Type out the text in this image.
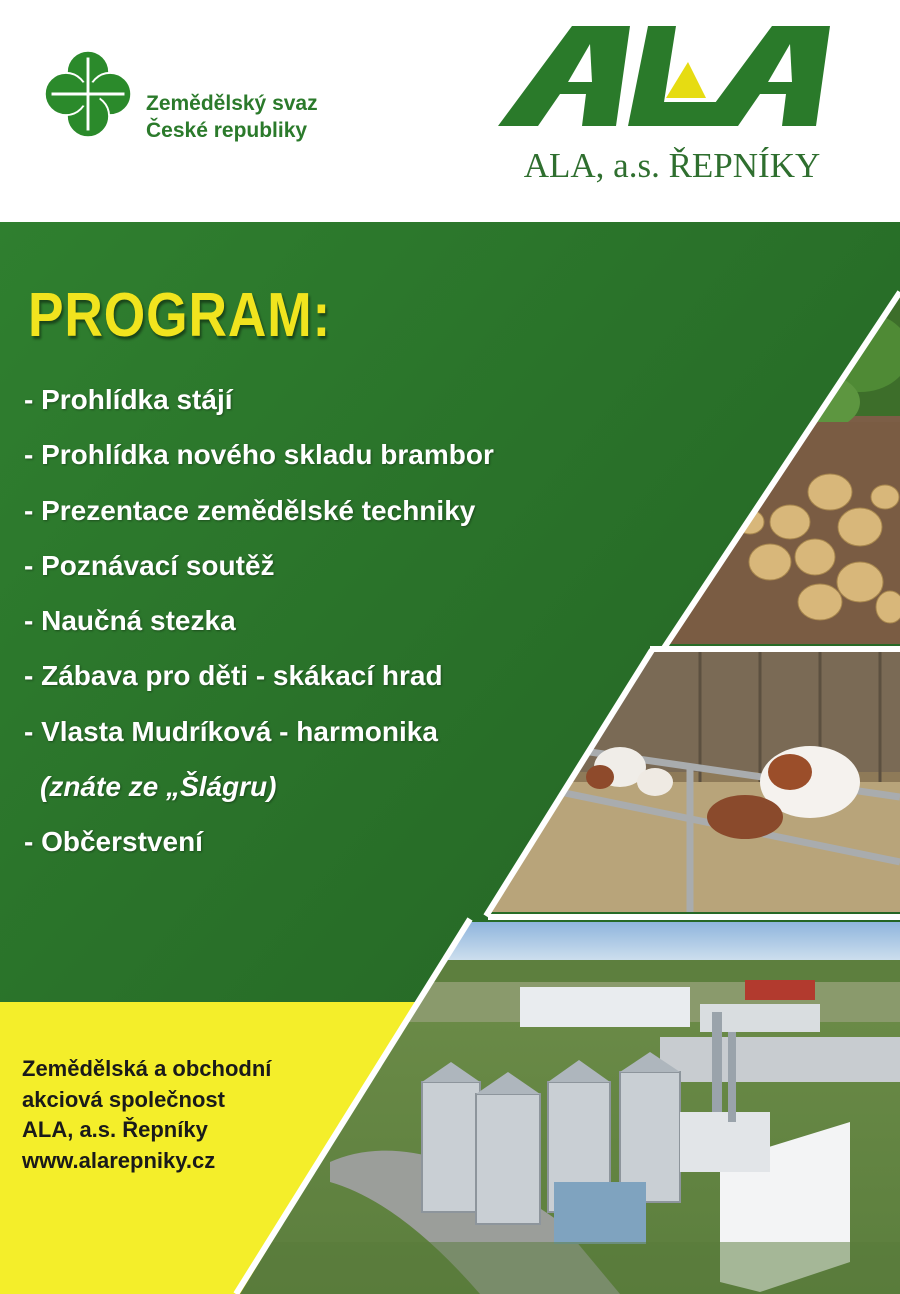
Zemědělský svaz
České republiky
ALA, a.s. ŘEPNÍKY
PROGRAM:
- Prohlídka stájí
- Prohlídka nového skladu brambor
- Prezentace zemědělské techniky
- Poznávací soutěž
- Naučná stezka
- Zábava pro děti - skákací hrad
- Vlasta Mudríková - harmonika
(znáte ze „Šlágru)
- Občerstvení
Zemědělská a obchodní
akciová společnost
ALA, a.s. Řepníky
www.alarepniky.cz
